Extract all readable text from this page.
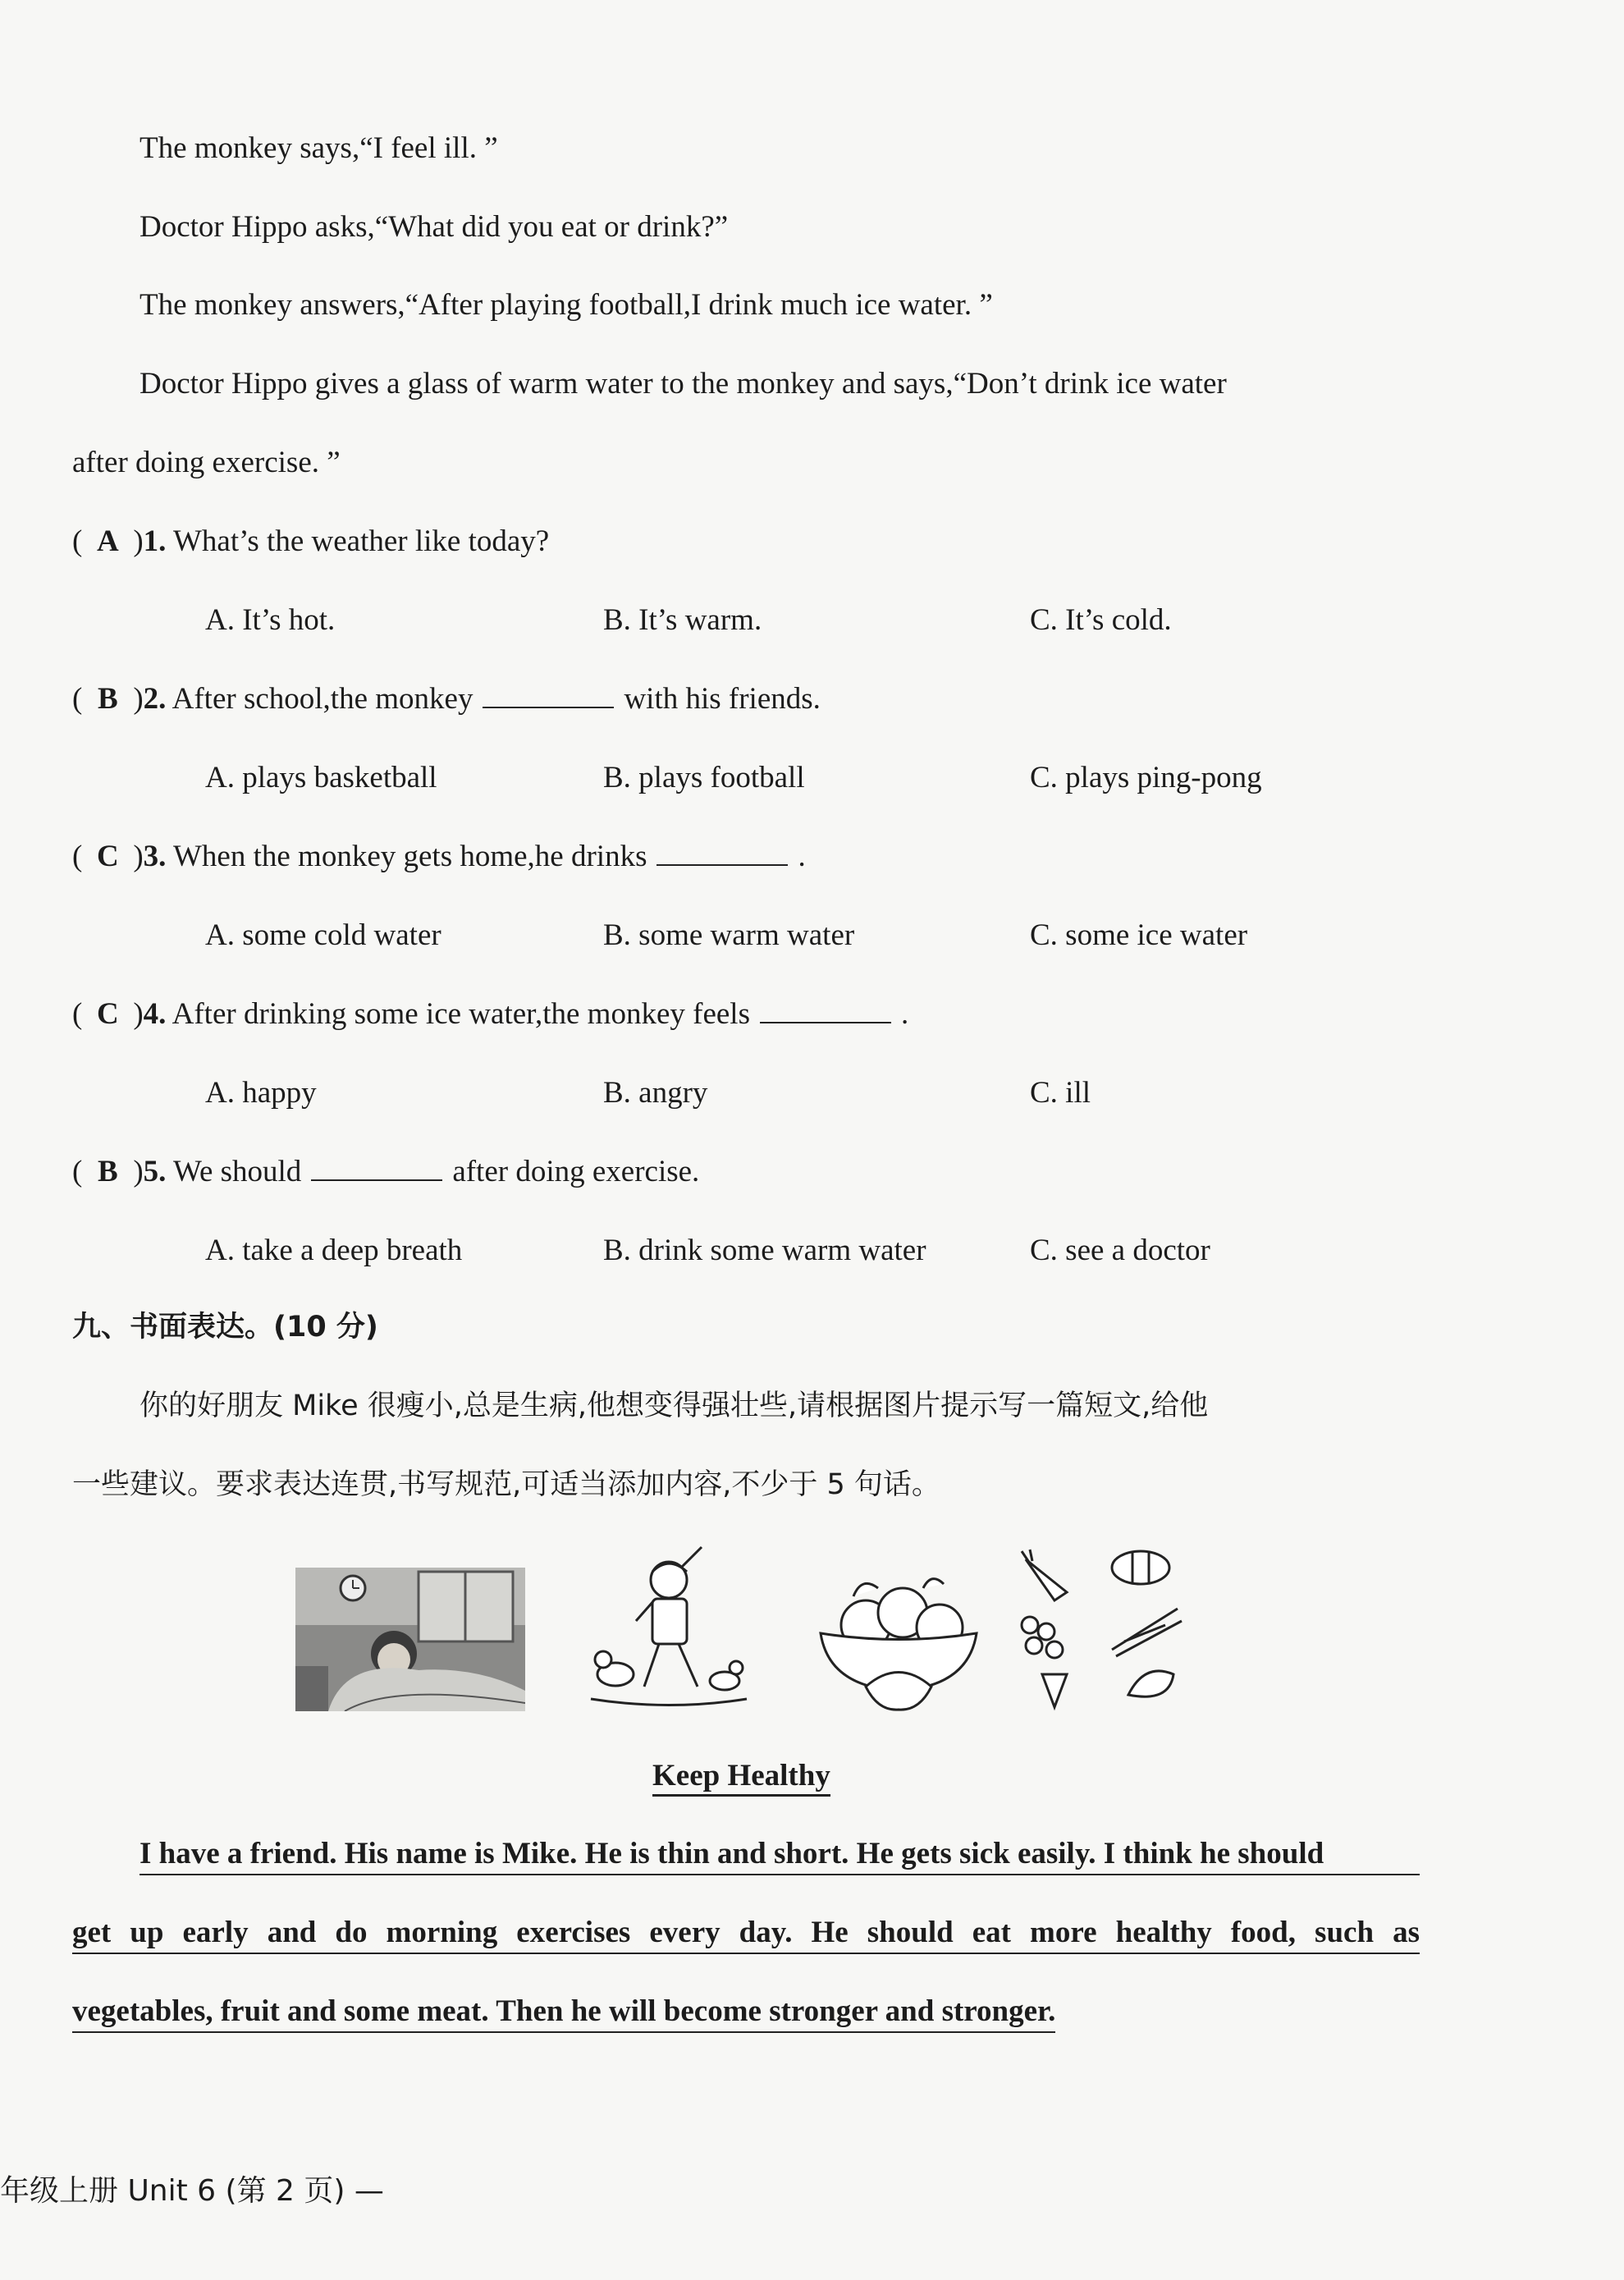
The monkey says,“I feel ill. ”
Doctor Hippo asks,“What did you eat or drink?”
The monkey answers,“After playing football,I drink much ice water. ”
Doctor Hippo gives a glass of warm water to the monkey and says,“Don’t drink ice water
after doing exercise. ”
( A )1. What’s the weather like today?
A. It’s hot.	B. It’s warm.	C. It’s cold.
( B )2. After school,the monkey	with his friends.
A. plays basketball	B. plays football	C. plays ping-pong
( C )3. When the monkey gets home,he drinks	.
A. some cold water	B. some warm water	C. some ice water
( C )4. After drinking some ice water,the monkey feels	.
A. happy	B. angry	C. ill
( B )5. We should	after doing exercise.
A. take a deep breath	B. drink some warm water	C. see a doctor
九、书面表达。(10 分)
你的好朋友 Mike 很瘦小,总是生病,他想变得强壮些,请根据图片提示写一篇短文,给他
一些建议。要求表达连贯,书写规范,可适当添加内容,不少于 5 句话。
Keep Healthy
I have a friend. His name is Mike. He is thin and short. He gets sick easily. I think he should
get up early and do morning exercises every day. He should eat more healthy food, such as
vegetables, fruit and some meat. Then he will become stronger and stronger.
年级上册 Unit 6 (第 2 页) —
